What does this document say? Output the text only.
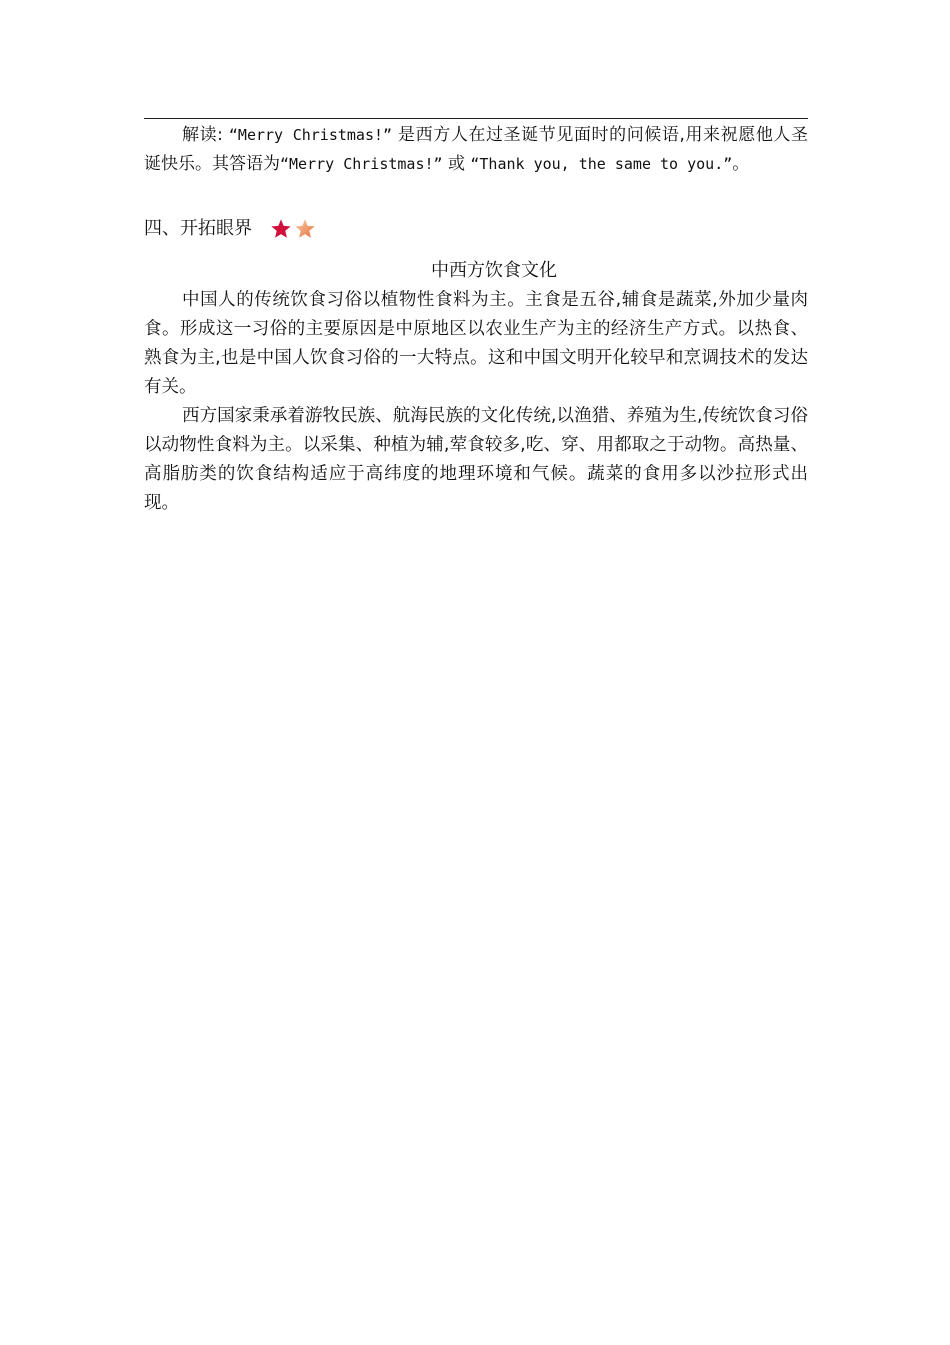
解读: “Merry Christmas!” 是西方人在过圣诞节见面时的问候语,用来祝愿他人圣诞快乐。其答语为“Merry Christmas!” 或 “Thank you, the same to you.”。
四、开拓眼界
中西方饮食文化
中国人的传统饮食习俗以植物性食料为主。主食是五谷,辅食是蔬菜,外加少量肉食。形成这一习俗的主要原因是中原地区以农业生产为主的经济生产方式。以热食、熟食为主,也是中国人饮食习俗的一大特点。这和中国文明开化较早和烹调技术的发达有关。
西方国家秉承着游牧民族、航海民族的文化传统,以渔猎、养殖为生,传统饮食习俗以动物性食料为主。以采集、种植为辅,荤食较多,吃、穿、用都取之于动物。高热量、高脂肪类的饮食结构适应于高纬度的地理环境和气候。蔬菜的食用多以沙拉形式出现。
